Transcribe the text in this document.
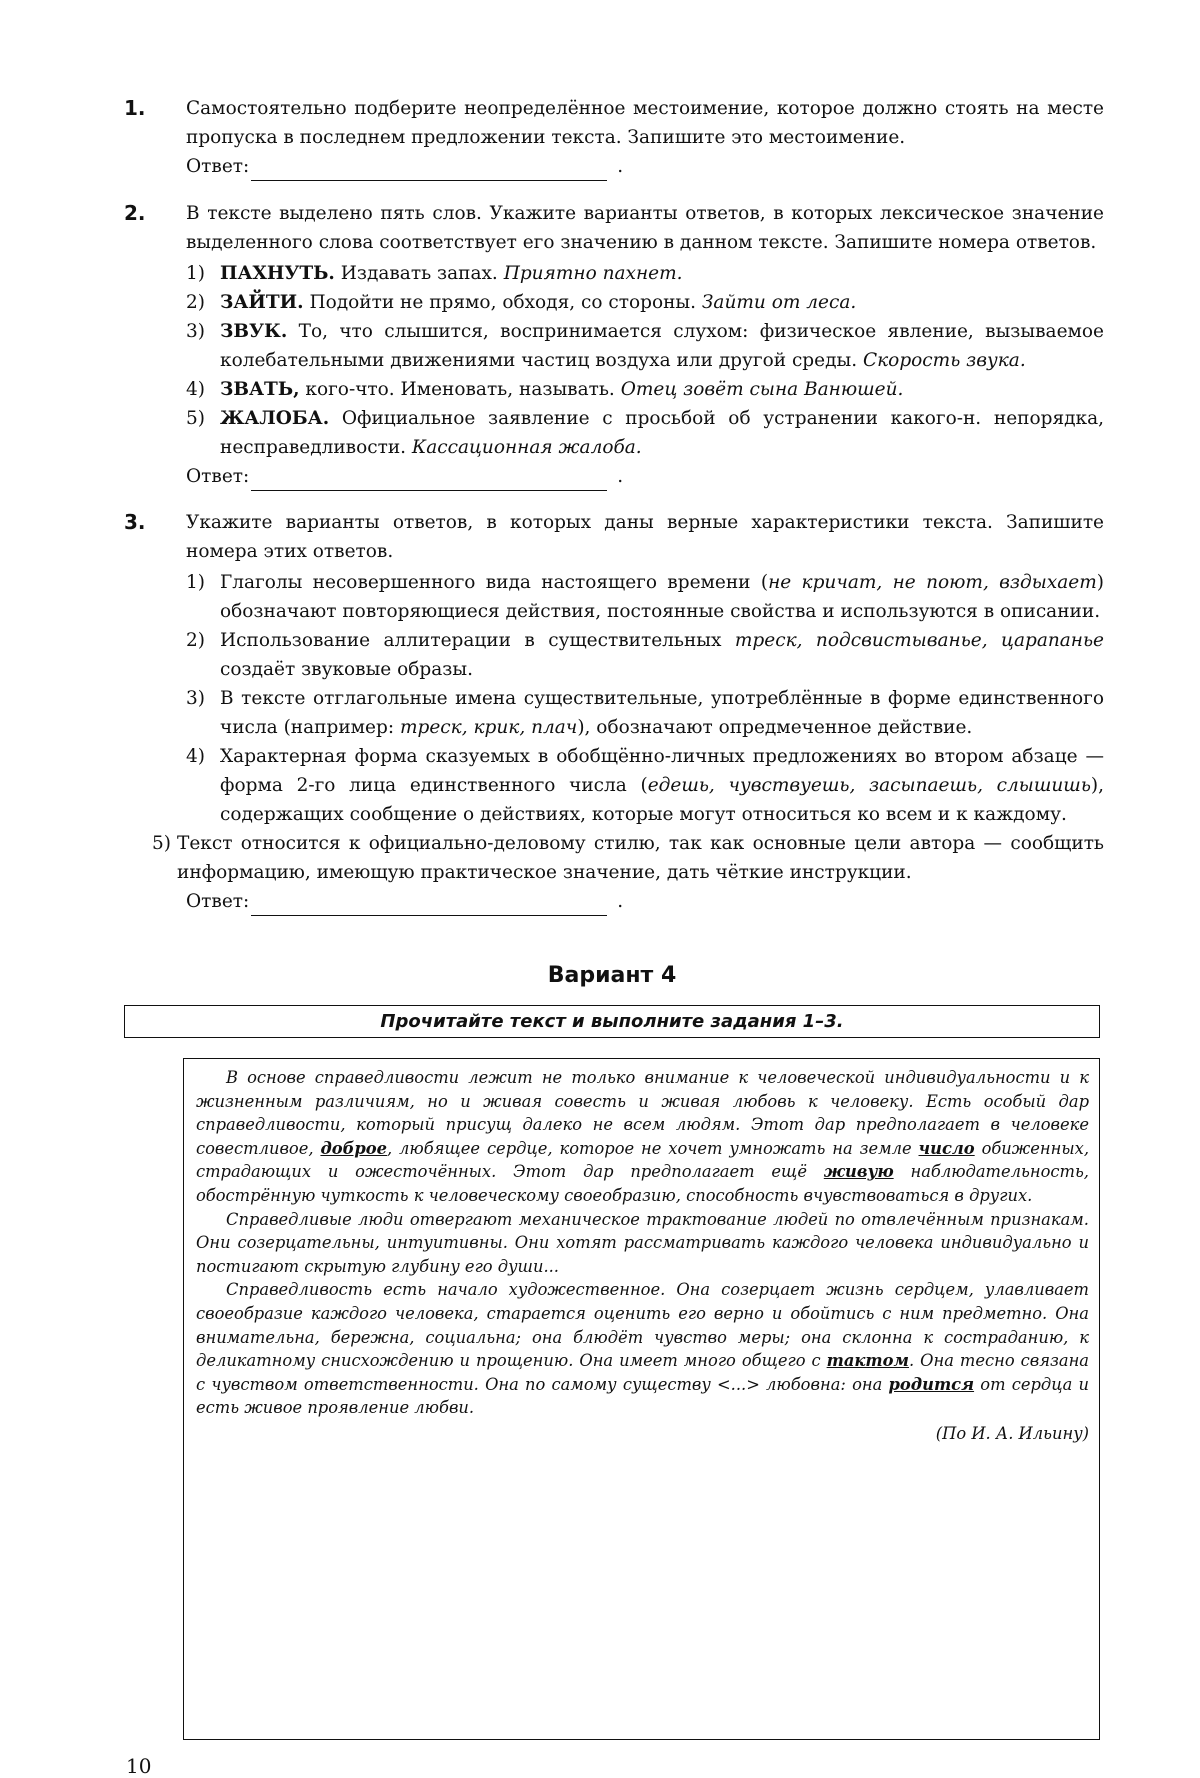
1. Самостоятельно подберите неопределённое местоимение, которое должно стоять на месте пропуска в последнем предложении текста. Запишите это местоимение.
Ответ:	.
2. В тексте выделено пять слов. Укажите варианты ответов, в которых лексическое значение выделенного слова соответствует его значению в данном тексте. Запишите номера ответов.
1) ПАХНУТЬ. Издавать запах. Приятно пахнет.
2) ЗАЙТИ. Подойти не прямо, обходя, со стороны. Зайти от леса.
3) ЗВУК. То, что слышится, воспринимается слухом: физическое явление, вызываемое колебательными движениями частиц воздуха или другой среды. Скорость звука.
4) ЗВАТЬ, кого-что. Именовать, называть. Отец зовёт сына Ванюшей.
5) ЖАЛОБА. Официальное заявление с просьбой об устранении какого-н. непорядка, несправедливости. Кассационная жалоба.
Ответ:	.
3. Укажите варианты ответов, в которых даны верные характеристики текста. Запишите номера этих ответов.
1) Глаголы несовершенного вида настоящего времени (не кричат, не поют, вздыхает) обозначают повторяющиеся действия, постоянные свойства и используются в описании.
2) Использование аллитерации в существительных треск, подсвистыванье, царапанье создаёт звуковые образы.
3) В тексте отглагольные имена существительные, употреблённые в форме единственного числа (например: треск, крик, плач), обозначают опредмеченное действие.
4) Характерная форма сказуемых в обобщённо-личных предложениях во втором абзаце — форма 2-го лица единственного числа (едешь, чувствуешь, засыпаешь, слышишь), содержащих сообщение о действиях, которые могут относиться ко всем и к каждому.
5) Текст относится к официально-деловому стилю, так как основные цели автора — сообщить информацию, имеющую практическое значение, дать чёткие инструкции.
Ответ:	.
Вариант 4
Прочитайте текст и выполните задания 1–3.

В основе справедливости лежит не только внимание к человеческой индивидуальности и к жизненным различиям, но и живая совесть и живая любовь к человеку. Есть особый дар справедливости, который присущ далеко не всем людям. Этот дар предполагает в человеке совестливое, доброе, любящее сердце, которое не хочет умножать на земле число обиженных, страдающих и ожесточённых. Этот дар предполагает ещё живую наблюдательность, обострённую чуткость к человеческому своеобразию, способность вчувствоваться в других.

Справедливые люди отвергают механическое трактование людей по отвлечённым признакам. Они созерцательны, интуитивны. Они хотят рассматривать каждого человека индивидуально и постигают скрытую глубину его души...

Справедливость есть начало художественное. Она созерцает жизнь сердцем, улавливает своеобразие каждого человека, старается оценить его верно и обойтись с ним предметно. Она внимательна, бережна, социальна; она блюдёт чувство меры; она склонна к состраданию, к деликатному снисхождению и прощению. Она имеет много общего с тактом. Она тесно связана с чувством ответственности. Она по самому существу <...> любовна: она родится от сердца и есть живое проявление любви.

(По И. А. Ильину)
10
